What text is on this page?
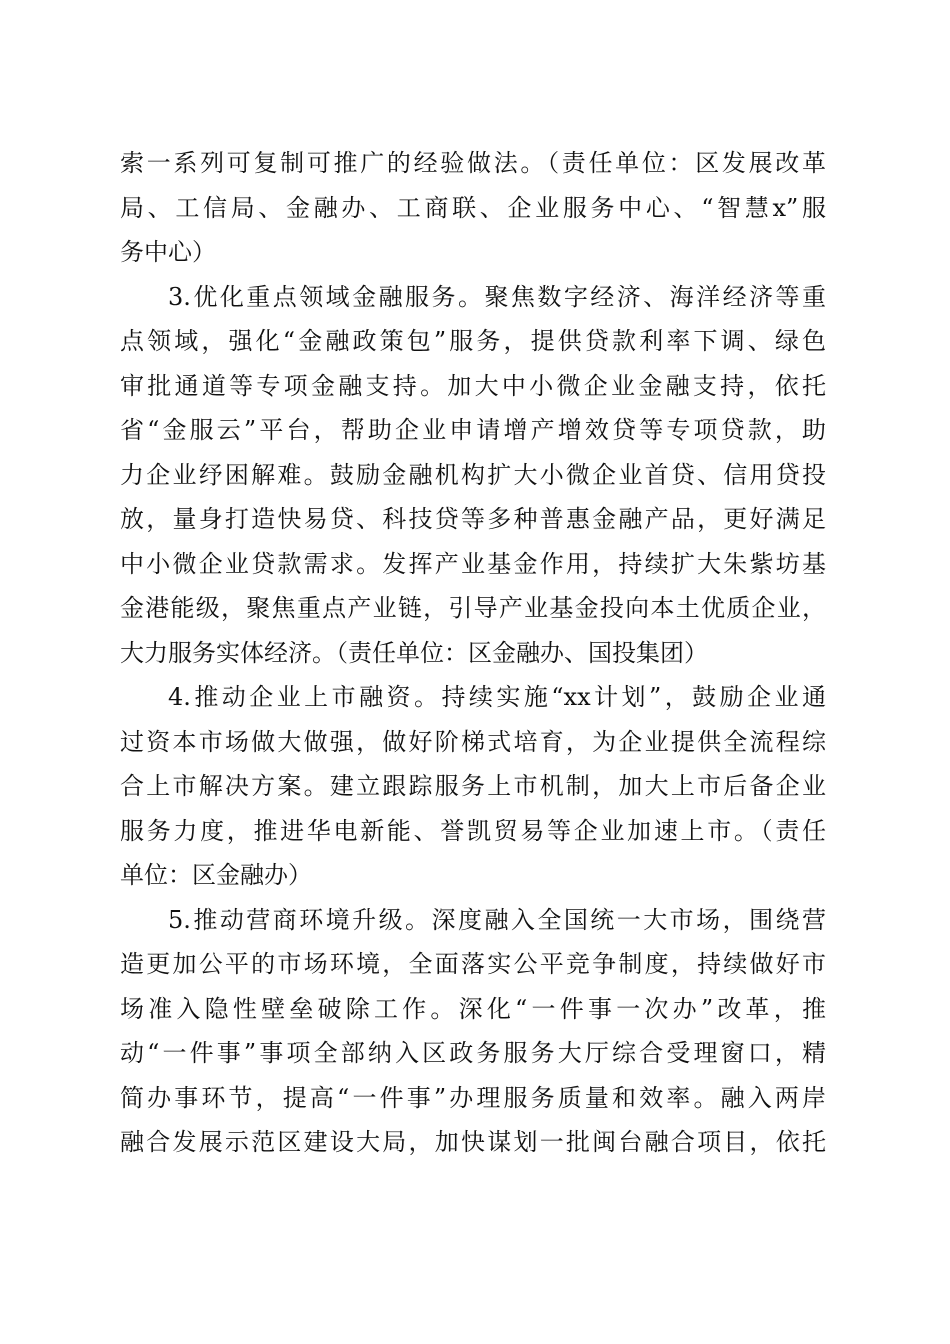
索一系列可复制可推广的经验做法。（责任单位：区发展改革
局、工信局、金融办、工商联、企业服务中心、“智慧x”服
务中心）
3.优化重点领域金融服务。聚焦数字经济、海洋经济等重
点领域，强化“金融政策包”服务，提供贷款利率下调、绿色
审批通道等专项金融支持。加大中小微企业金融支持，依托
省“金服云”平台，帮助企业申请增产增效贷等专项贷款，助
力企业纾困解难。鼓励金融机构扩大小微企业首贷、信用贷投
放，量身打造快易贷、科技贷等多种普惠金融产品，更好满足
中小微企业贷款需求。发挥产业基金作用，持续扩大朱紫坊基
金港能级，聚焦重点产业链，引导产业基金投向本土优质企业，
大力服务实体经济。（责任单位：区金融办、国投集团）
4.推动企业上市融资。持续实施“xx计划”，鼓励企业通
过资本市场做大做强，做好阶梯式培育，为企业提供全流程综
合上市解决方案。建立跟踪服务上市机制，加大上市后备企业
服务力度，推进华电新能、誉凯贸易等企业加速上市。（责任
单位：区金融办）
5.推动营商环境升级。深度融入全国统一大市场，围绕营
造更加公平的市场环境，全面落实公平竞争制度，持续做好市
场准入隐性壁垒破除工作。深化“一件事一次办”改革，推
动“一件事”事项全部纳入区政务服务大厅综合受理窗口，精
简办事环节，提高“一件事”办理服务质量和效率。融入两岸
融合发展示范区建设大局，加快谋划一批闽台融合项目，依托
